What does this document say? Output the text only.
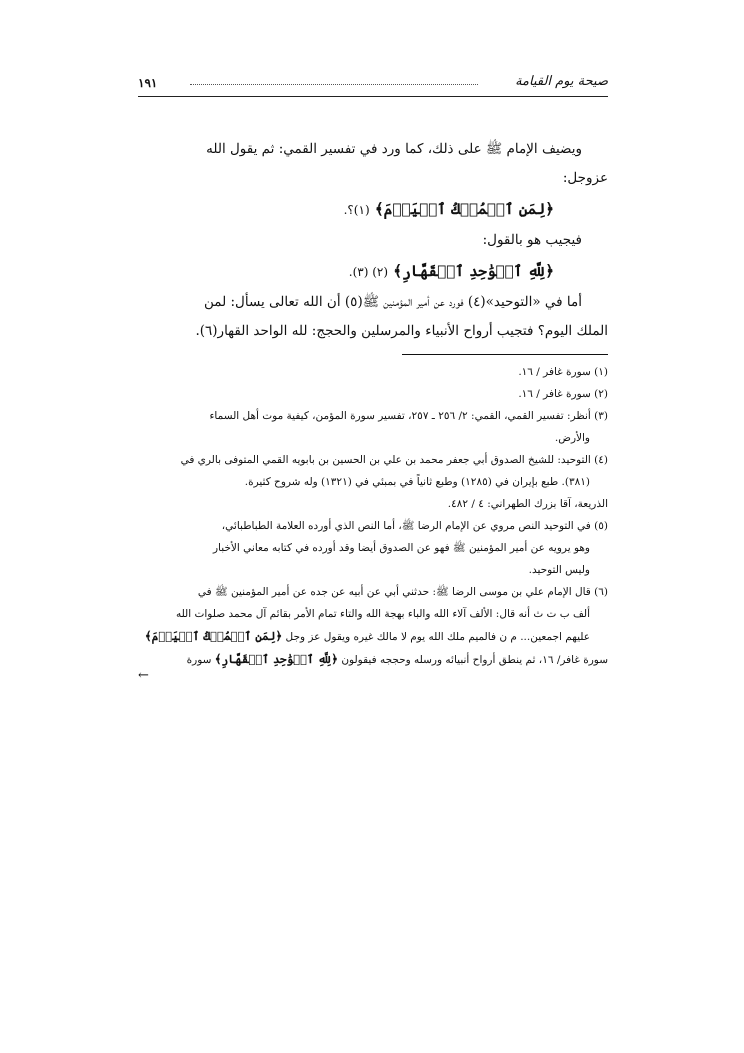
صيحة يوم القيامة
١٩١

ويضيف الإمام ﷺ على ذلك، كما ورد في تفسير القمي: ثم يقول الله

عزوجل:

﴿لِمَنِ ٱلۡمُلۡكُ ٱلۡيَوۡمَ﴾ (١)؟.

فيجيب هو بالقول:

﴿لِلَّهِ ٱلۡوَٰحِدِ ٱلۡقَهَّارِ﴾ (٢) (٣).

أما في «التوحيد»(٤) فورد عن أمير المؤمنين ﷺ(٥) أن الله تعالى يسأل: لمن

الملك اليوم؟ فتجيب أرواح الأنبياء والمرسلين والحجج: لله الواحد القهار(٦).

(١) سورة غافر / ١٦.

(٢) سورة غافر / ١٦.

(٣) أنظر: تفسير القمي، القمي: ٢/ ٢٥٦ ـ ٢٥٧، تفسير سورة المؤمن، كيفية موت أهل السماء

والأرض.

(٤) التوحيد: للشيخ الصدوق أبي جعفر محمد بن علي بن الحسين بن بابويه القمي المتوفى بالري في

(٣٨١). طبع بإيران في (١٢٨٥) وطبع ثانياً في بمبئي في (١٣٢١) وله شروح كثيرة.

الذريعة، آقا بزرك الطهراني: ٤ / ٤٨٢.

(٥) في التوحيد النص مروي عن الإمام الرضا ﷺ، أما النص الذي أورده العلامة الطباطبائي،

وهو يرويه عن أمير المؤمنين ﷺ فهو عن الصدوق أيضا وقد أورده في كتابه معاني الأخبار

وليس التوحيد.

(٦) قال الإمام علي بن موسى الرضا ﷺ: حدثني أبي عن أبيه عن جده عن أمير المؤمنين ﷺ في

ألف ب ت ث أنه قال: الألف آلاء الله والباء بهجة الله والتاء تمام الأمر بقائم آل محمد صلوات الله

عليهم اجمعين... م ن فالميم ملك الله يوم لا مالك غيره ويقول عز وجل ﴿لِمَنِ ٱلۡمُلۡكُ ٱلۡيَوۡمَ﴾

سورة غافر/ ١٦، ثم ينطق أرواح أنبيائه ورسله وحججه فيقولون ﴿لِلَّهِ ٱلۡوَٰحِدِ ٱلۡقَهَّارِ﴾ سورة

←
